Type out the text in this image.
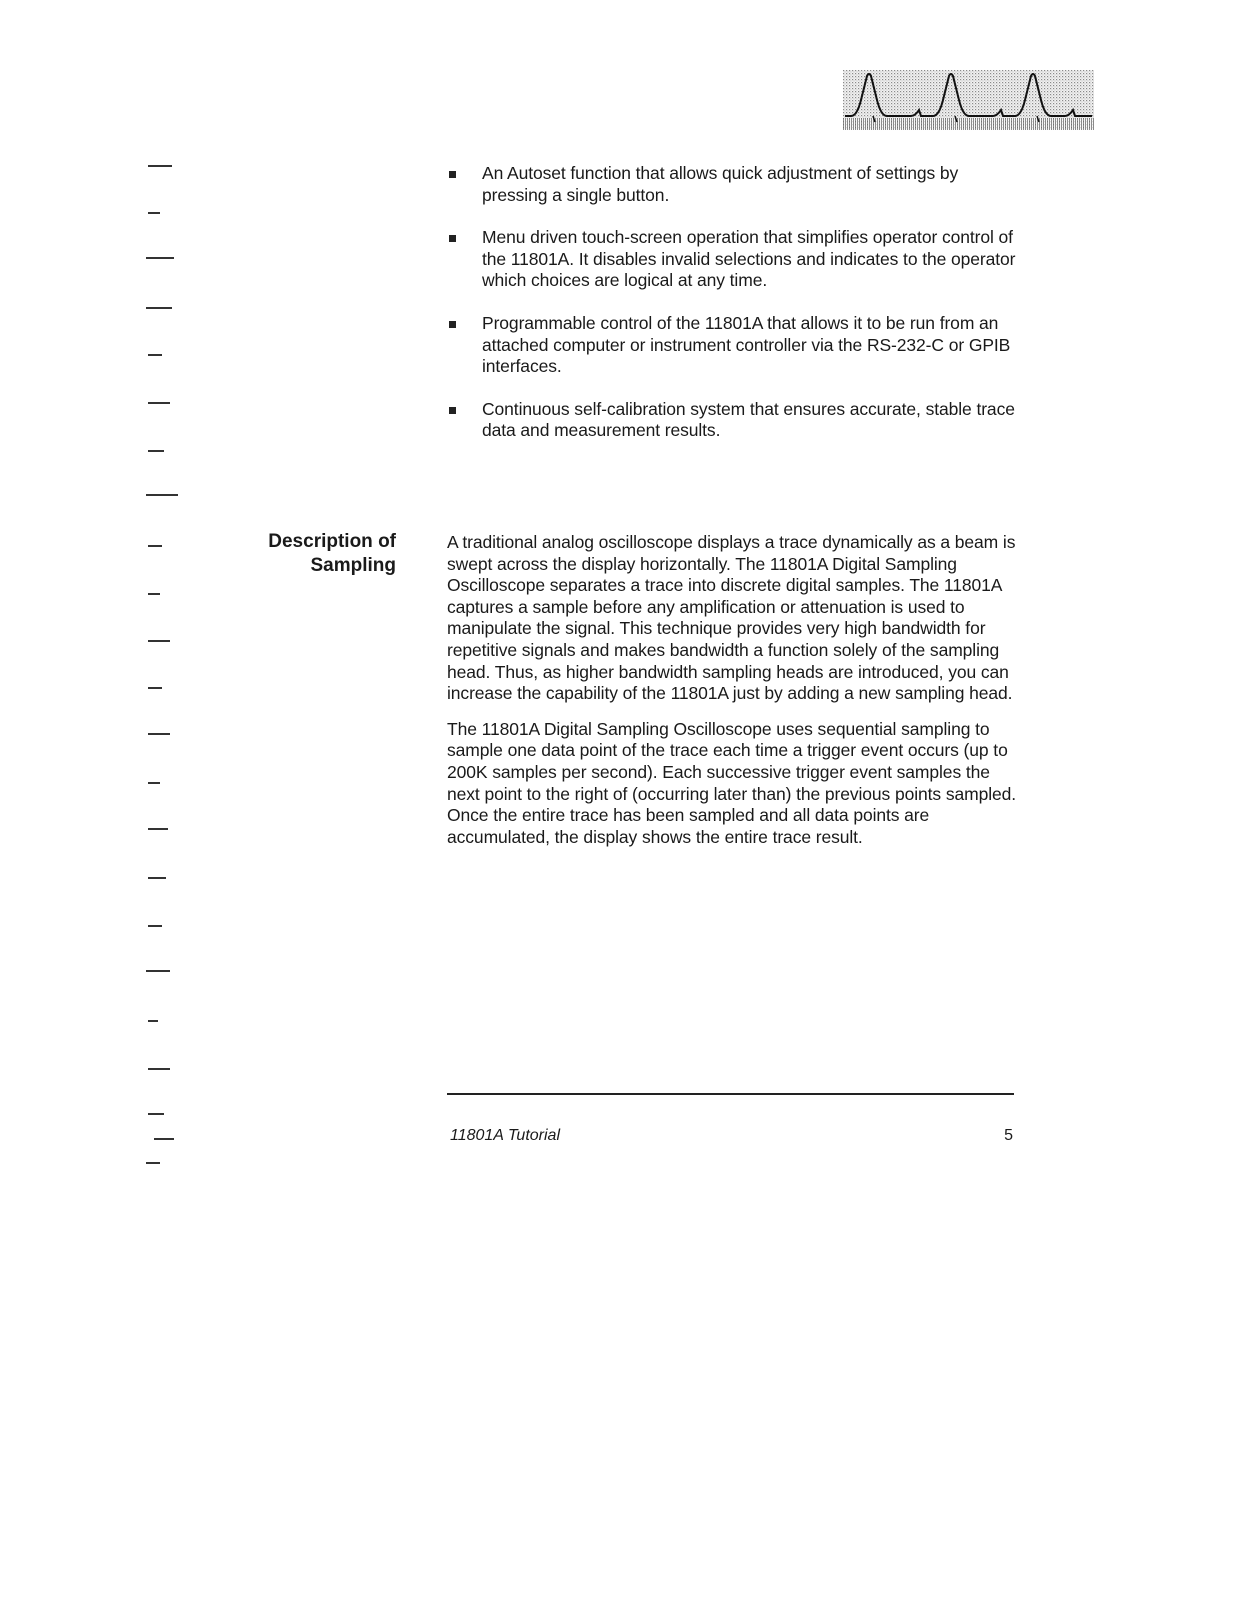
An Autoset function that allows quick adjustment of settings by pressing a single button.
Menu driven touch-screen operation that simplifies operator control of the 11801A. It disables invalid selections and indicates to the operator which choices are logical at any time.
Programmable control of the 11801A that allows it to be run from an attached computer or instrument controller via the RS-232-C or GPIB interfaces.
Continuous self-calibration system that ensures accurate, stable trace data and measurement results.
Description of
Sampling

A traditional analog oscilloscope displays a trace dynamically as a beam is swept across the display horizontally. The 11801A Digital Sampling Oscilloscope separates a trace into discrete digital samples. The 11801A captures a sample before any amplification or attenuation is used to manipulate the signal. This technique provides very high bandwidth for repetitive signals and makes bandwidth a function solely of the sampling head. Thus, as higher bandwidth sampling heads are introduced, you can increase the capability of the 11801A just by adding a new sampling head.

The 11801A Digital Sampling Oscilloscope uses sequential sampling to sample one data point of the trace each time a trigger event occurs (up to 200K samples per second). Each successive trigger event samples the next point to the right of (occurring later than) the previous points sampled. Once the entire trace has been sampled and all data points are accumulated, the display shows the entire trace result.

11801A Tutorial	5
